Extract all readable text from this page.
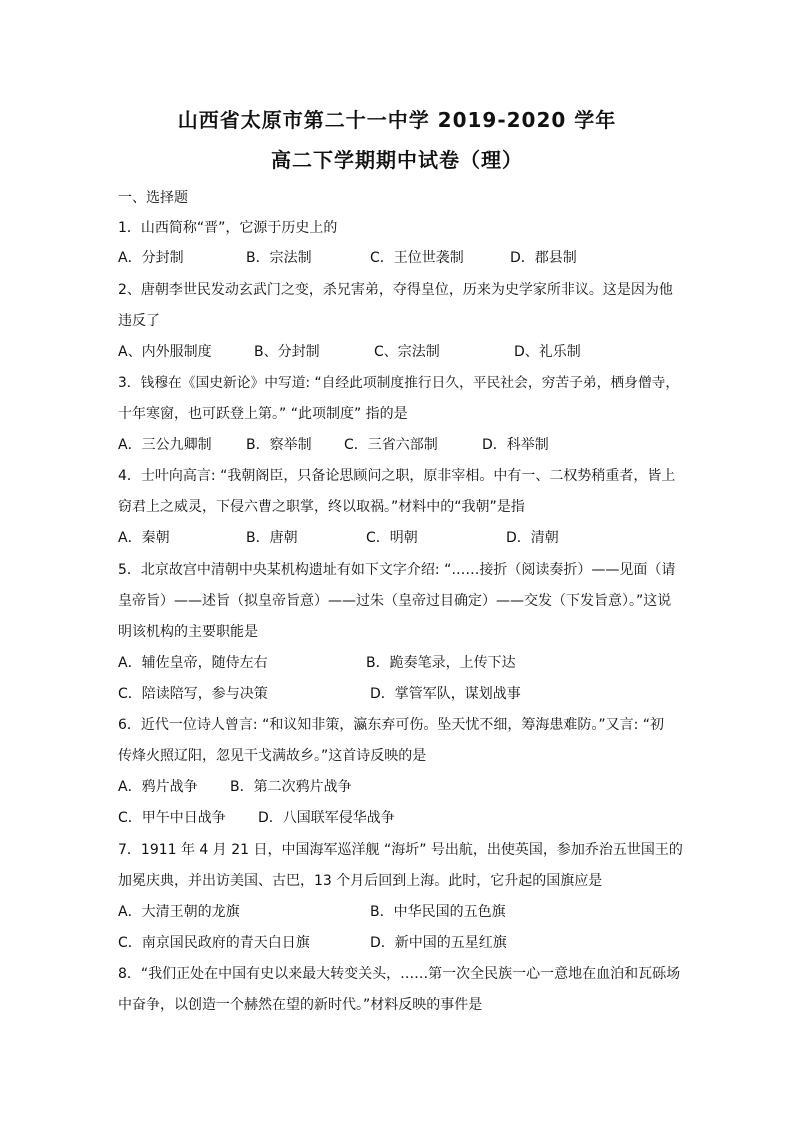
山西省太原市第二十一中学 2019-2020 学年
高二下学期期中试卷（理）
一、选择题
1．山西简称“晋”，它源于历史上的
A．分封制	B．宗法制	C．王位世袭制	D．郡县制
2、唐朝李世民发动玄武门之变，杀兄害弟，夺得皇位，历来为史学家所非议。这是因为他
违反了
A、内外服制度	B、分封制	C、宗法制	D、礼乐制
3．钱穆在《国史新论》中写道: “自经此项制度推行日久，平民社会，穷苦子弟，栖身僧寺，
十年寒窗，也可跃登上第。” “此项制度” 指的是
A．三公九卿制 B．察举制 C．三省六部制	D．科举制
4．士叶向高言: “我朝阁臣，只备论思顾问之职，原非宰相。中有一、二权势稍重者，皆上
窃君上之威灵，下侵六曹之职掌，终以取祸。”材料中的“我朝”是指
A．秦朝	B．唐朝	C．明朝	D．清朝
5．北京故宫中清朝中央某机构遗址有如下文字介绍: “……接折（阅读奏折）——见面（请
皇帝旨）——述旨（拟皇帝旨意）——过朱（皇帝过目确定）——交发（下发旨意）。”这说
明该机构的主要职能是
A．辅佐皇帝，随侍左右	B．跪奏笔录，上传下达
C．陪读陪写，参与决策	D．掌管军队，谋划战事
6．近代一位诗人曾言: “和议知非策，瀛东弃可伤。坠天忧不细，筹海患难防。”又言: “初
传烽火照辽阳，忽见干戈满故乡。”这首诗反映的是
A．鸦片战争 B．第二次鸦片战争
C．甲午中日战争 D．八国联军侵华战争
7．1911 年 4 月 21 日，中国海军巡洋舰 “海圻” 号出航，出使英国，参加乔治五世国王的
加冕庆典，并出访美国、古巴，13 个月后回到上海。此时，它升起的国旗应是
A．大清王朝的龙旗	B．中华民国的五色旗
C．南京国民政府的青天白日旗	D．新中国的五星红旗
8．“我们正处在中国有史以来最大转变关头，……第一次全民族一心一意地在血泊和瓦砾场
中奋争，以创造一个赫然在望的新时代。”材料反映的事件是
